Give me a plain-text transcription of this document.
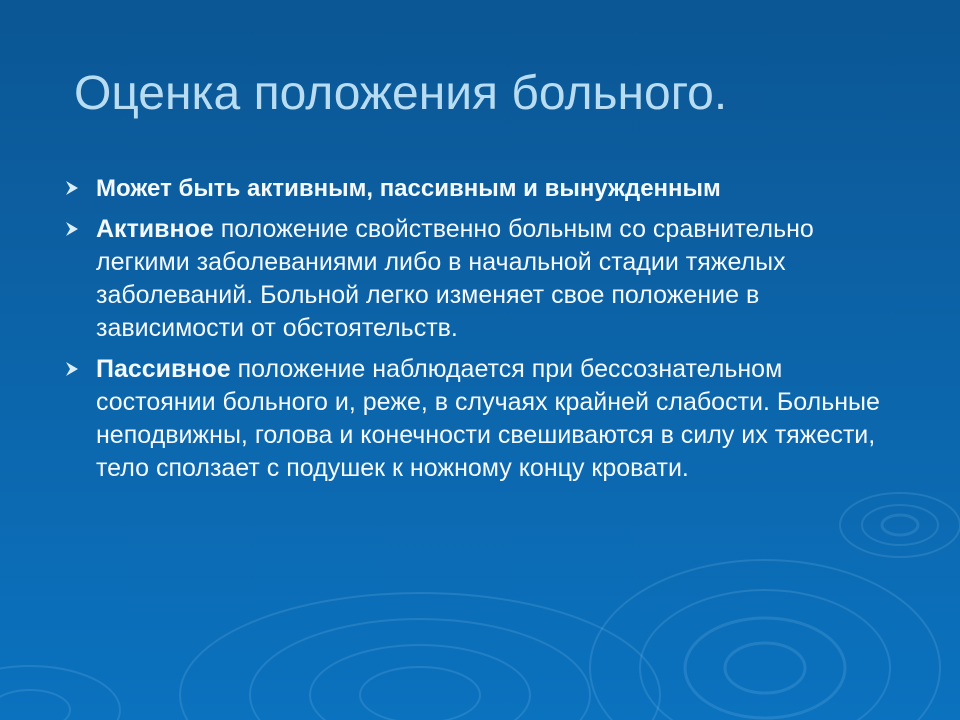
Оценка положения больного.
Может быть активным, пассивным и вынужденным
Активное положение свойственно больным со сравнительно легкими заболеваниями либо в начальной стадии тяжелых заболеваний. Больной легко изменяет свое положение в зависимости от обстоятельств.
Пассивное положение наблюдается при бессознательном состоянии больного и, реже, в случаях крайней слабости. Больные неподвижны, голова и конечности свешиваются в силу их тяжести, тело сползает с подушек к ножному концу кровати.
